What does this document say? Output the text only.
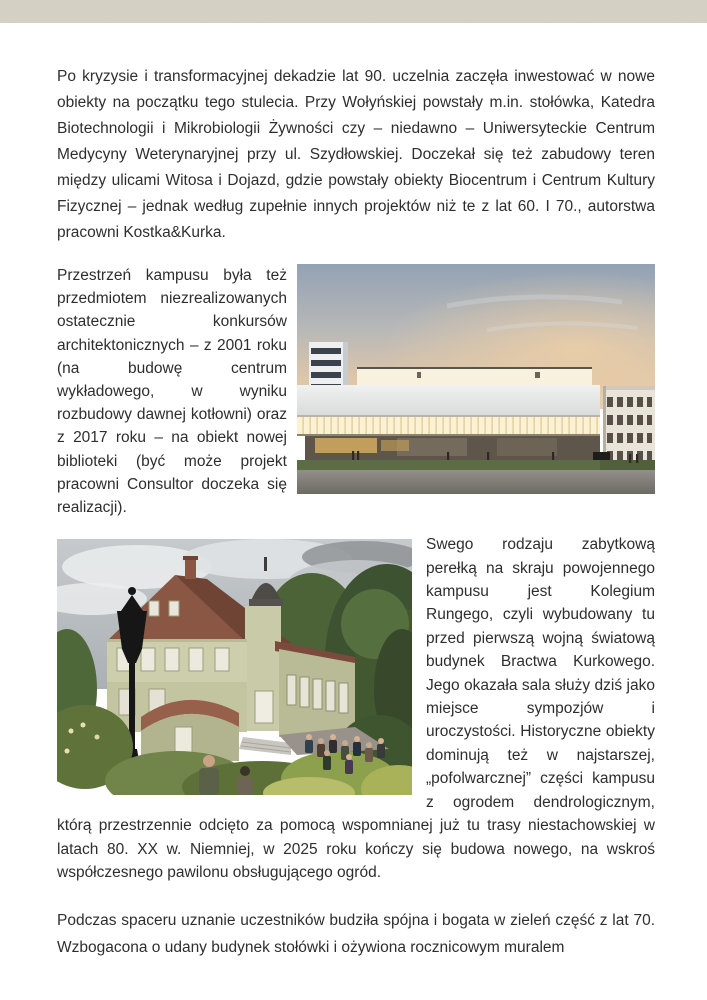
Po kryzysie i transformacyjnej dekadzie lat 90. uczelnia zaczęła inwestować w nowe obiekty na początku tego stulecia. Przy Wołyńskiej powstały m.in. stołówka, Katedra Biotechnologii i Mikrobiologii Żywności czy – niedawno – Uniwersyteckie Centrum Medycyny Weterynaryjnej przy ul. Szydłowskiej. Doczekał się też zabudowy teren między ulicami Witosa i Dojazd, gdzie powstały obiekty Biocentrum i Centrum Kultury Fizycznej – jednak według zupełnie innych projektów niż te z lat 60. I 70., autorstwa pracowni Kostka&Kurka.

Przestrzeń kampusu była też przedmiotem niezrealizowanych ostatecznie konkursów architektonicznych – z 2001 roku (na budowę centrum wykładowego, w wyniku rozbudowy dawnej kotłowni) oraz z 2017 roku – na obiekt nowej biblioteki (być może projekt pracowni Consultor doczeka się realizacji).

Swego rodzaju zabytkową perełką na skraju powojennego kampusu jest Kolegium Rungego, czyli wybudowany tu przed pierwszą wojną światową budynek Bractwa Kurkowego. Jego okazała sala służy dziś jako miejsce sympozjów i uroczystości. Historyczne obiekty dominują też w najstarszej, „pofolwarcznej” części kampusu z ogrodem dendrologicznym, którą przestrzennie odcięto za pomocą wspomnianej już tu trasy niestachowskiej w latach 80. XX w. Niemniej, w 2025 roku kończy się budowa nowego, na wskroś współczesnego pawilonu obsługującego ogród.

Podczas spaceru uznanie uczestników budziła spójna i bogata w zieleń część z lat 70. Wzbogacona o udany budynek stołówki i ożywiona rocznicowym muralem
